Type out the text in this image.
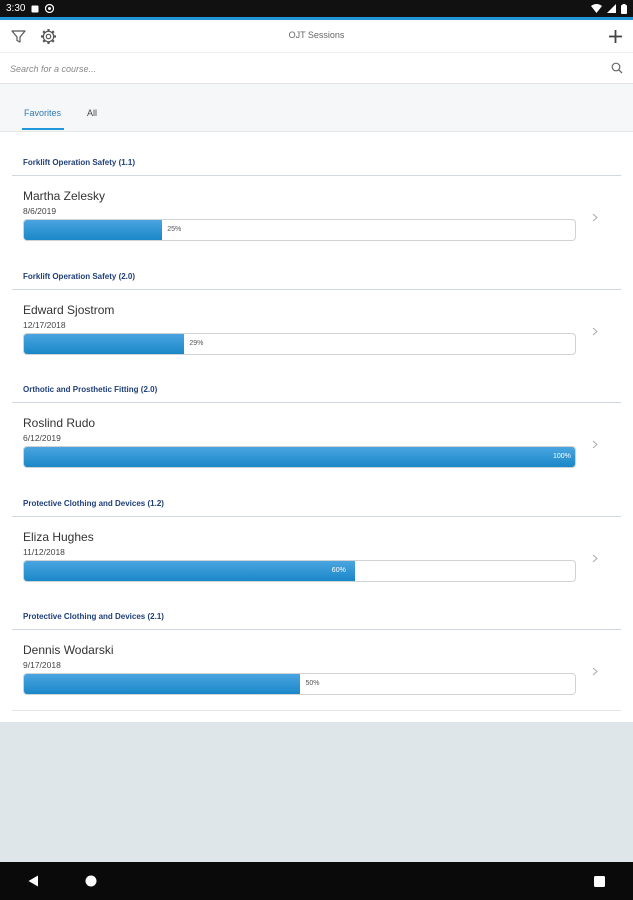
3:30
OJT Sessions
Search for a course...
Favorites	All
Forklift Operation Safety (1.1)
Martha Zelesky
8/6/2019
25%
Forklift Operation Safety (2.0)
Edward Sjostrom
12/17/2018
29%
Orthotic and Prosthetic Fitting (2.0)
Roslind Rudo
6/12/2019
100%
Protective Clothing and Devices (1.2)
Eliza Hughes
11/12/2018
60%
Protective Clothing and Devices (2.1)
Dennis Wodarski
9/17/2018
50%
